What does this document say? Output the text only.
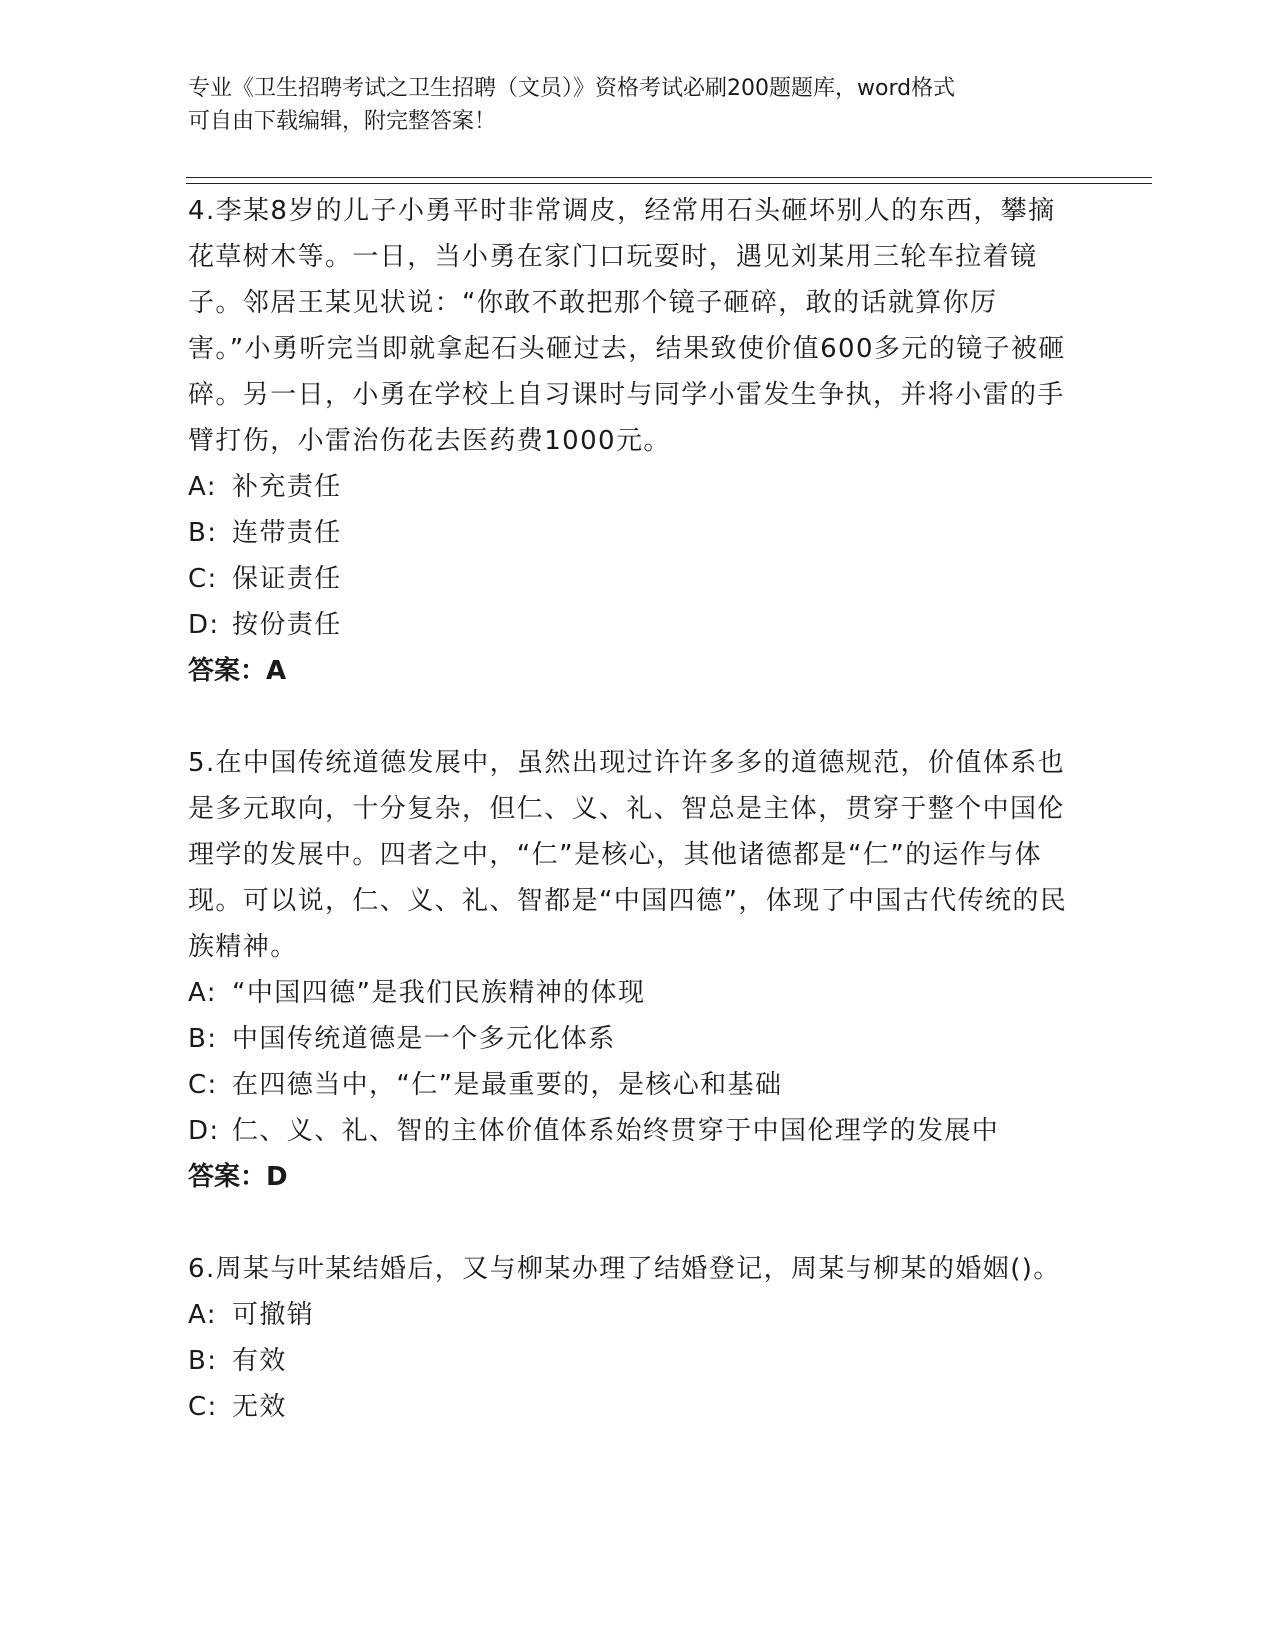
专业《卫生招聘考试之卫生招聘（文员）》资格考试必刷200题题库，word格式
可自由下载编辑，附完整答案！

4.李某8岁的儿子小勇平时非常调皮，经常用石头砸坏别人的东西，攀摘花草树木等。一日，当小勇在家门口玩耍时，遇见刘某用三轮车拉着镜子。邻居王某见状说：“你敢不敢把那个镜子砸碎，敢的话就算你厉害。”小勇听完当即就拿起石头砸过去，结果致使价值600多元的镜子被砸碎。另一日，小勇在学校上自习课时与同学小雷发生争执，并将小雷的手臂打伤，小雷治伤花去医药费1000元。

A: 补充责任

B: 连带责任

C: 保证责任

D: 按份责任

答案：A

5.在中国传统道德发展中，虽然出现过许许多多的道德规范，价值体系也是多元取向，十分复杂，但仁、义、礼、智总是主体，贯穿于整个中国伦理学的发展中。四者之中，“仁”是核心，其他诸德都是“仁”的运作与体现。可以说，仁、义、礼、智都是“中国四德”，体现了中国古代传统的民族精神。

A: “中国四德”是我们民族精神的体现

B: 中国传统道德是一个多元化体系

C: 在四德当中，“仁”是最重要的，是核心和基础

D: 仁、义、礼、智的主体价值体系始终贯穿于中国伦理学的发展中

答案：D

6.周某与叶某结婚后，又与柳某办理了结婚登记，周某与柳某的婚姻()。

A: 可撤销

B: 有效

C: 无效
